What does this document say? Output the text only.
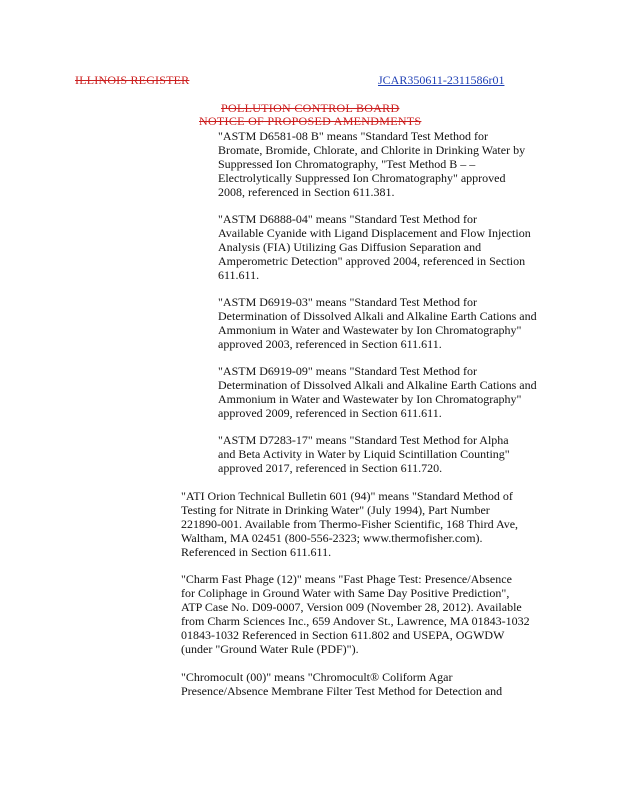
ILLINOIS REGISTER	JCAR350611-2311586r01
POLLUTION CONTROL BOARD
NOTICE OF PROPOSED AMENDMENTS

"ASTM D6581-08 B" means "Standard Test Method for

Bromate, Bromide, Chlorate, and Chlorite in Drinking Water by

Suppressed Ion Chromatography, "Test Method B – –

Electrolytically Suppressed Ion Chromatography" approved

2008, referenced in Section 611.381.

"ASTM D6888-04" means "Standard Test Method for

Available Cyanide with Ligand Displacement and Flow Injection

Analysis (FIA) Utilizing Gas Diffusion Separation and

Amperometric Detection" approved 2004, referenced in Section

611.611.

"ASTM D6919-03" means "Standard Test Method for

Determination of Dissolved Alkali and Alkaline Earth Cations and

Ammonium in Water and Wastewater by Ion Chromatography"

approved 2003, referenced in Section 611.611.

"ASTM D6919-09" means "Standard Test Method for

Determination of Dissolved Alkali and Alkaline Earth Cations and

Ammonium in Water and Wastewater by Ion Chromatography"

approved 2009, referenced in Section 611.611.

"ASTM D7283-17" means "Standard Test Method for Alpha

and Beta Activity in Water by Liquid Scintillation Counting"

approved 2017, referenced in Section 611.720.

"ATI Orion Technical Bulletin 601 (94)" means "Standard Method of

Testing for Nitrate in Drinking Water" (July 1994), Part Number

221890-001. Available from Thermo-Fisher Scientific, 168 Third Ave,

Waltham, MA 02451 (800-556-2323; www.thermofisher.com).

Referenced in Section 611.611.

"Charm Fast Phage (12)" means "Fast Phage Test: Presence/Absence

for Coliphage in Ground Water with Same Day Positive Prediction",

ATP Case No. D09-0007, Version 009 (November 28, 2012). Available

from Charm Sciences Inc., 659 Andover St., Lawrence, MA 01843-1032

01843-1032 Referenced in Section 611.802 and USEPA, OGWDW

(under "Ground Water Rule (PDF)").

"Chromocult (00)" means "Chromocult® Coliform Agar

Presence/Absence Membrane Filter Test Method for Detection and
